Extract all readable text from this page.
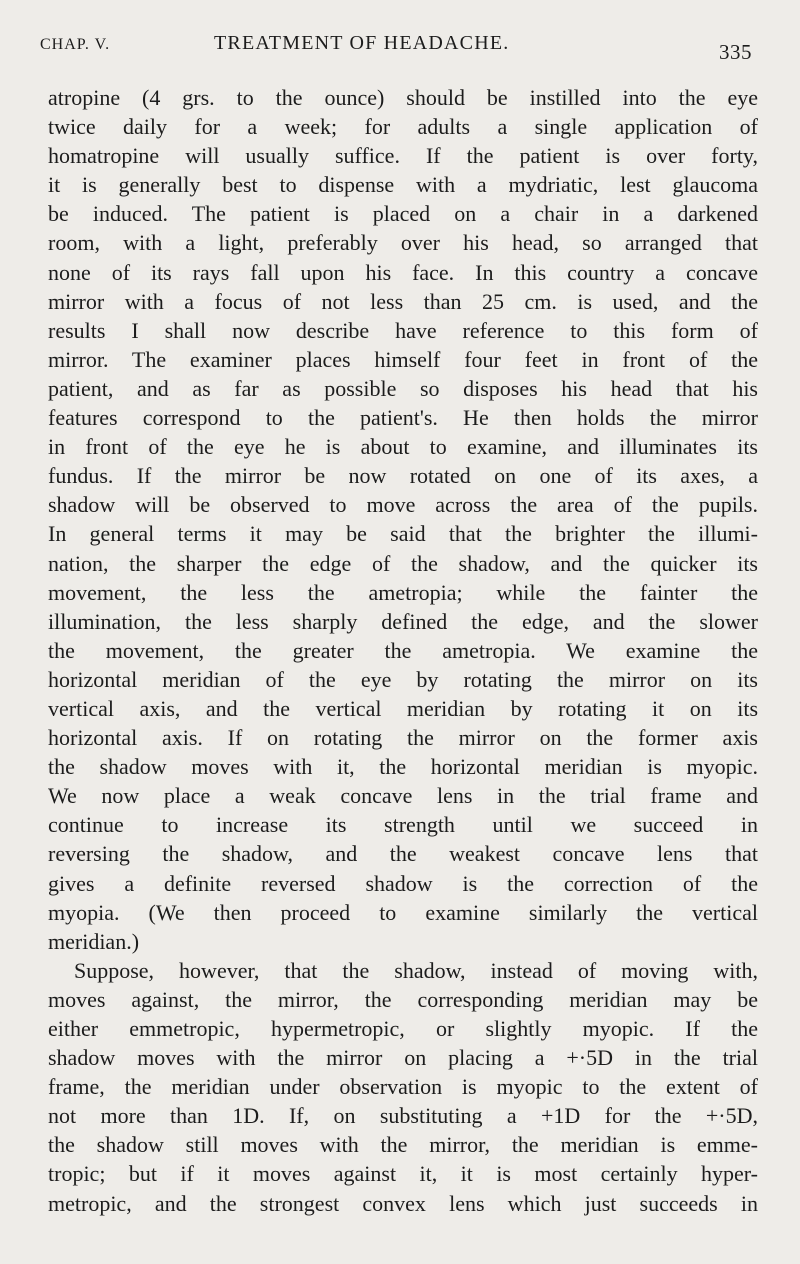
CHAP. V.	TREATMENT OF HEADACHE.	335
atropine (4 grs. to the ounce) should be instilled into the eye
twice daily for a week; for adults a single application of
homatropine will usually suffice. If the patient is over forty,
it is generally best to dispense with a mydriatic, lest glaucoma
be induced. The patient is placed on a chair in a darkened
room, with a light, preferably over his head, so arranged that
none of its rays fall upon his face. In this country a concave
mirror with a focus of not less than 25 cm. is used, and the
results I shall now describe have reference to this form of
mirror. The examiner places himself four feet in front of the
patient, and as far as possible so disposes his head that his
features correspond to the patient's. He then holds the mirror
in front of the eye he is about to examine, and illuminates its
fundus. If the mirror be now rotated on one of its axes, a
shadow will be observed to move across the area of the pupils.
In general terms it may be said that the brighter the illumi-
nation, the sharper the edge of the shadow, and the quicker its
movement, the less the ametropia; while the fainter the
illumination, the less sharply defined the edge, and the slower
the movement, the greater the ametropia. We examine the
horizontal meridian of the eye by rotating the mirror on its
vertical axis, and the vertical meridian by rotating it on its
horizontal axis. If on rotating the mirror on the former axis
the shadow moves with it, the horizontal meridian is myopic.
We now place a weak concave lens in the trial frame and
continue to increase its strength until we succeed in
reversing the shadow, and the weakest concave lens that
gives a definite reversed shadow is the correction of the
myopia. (We then proceed to examine similarly the vertical
meridian.)
Suppose, however, that the shadow, instead of moving with,
moves against, the mirror, the corresponding meridian may be
either emmetropic, hypermetropic, or slightly myopic. If the
shadow moves with the mirror on placing a +·5D in the trial
frame, the meridian under observation is myopic to the extent of
not more than 1D. If, on substituting a +1D for the +·5D,
the shadow still moves with the mirror, the meridian is emme-
tropic; but if it moves against it, it is most certainly hyper-
metropic, and the strongest convex lens which just succeeds in
